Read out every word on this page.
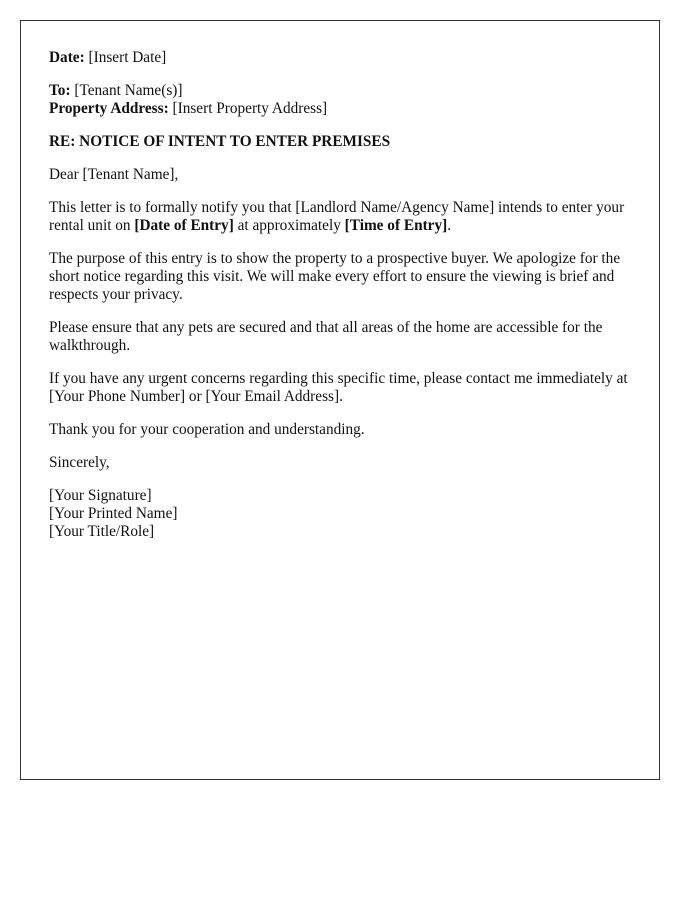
Date: [Insert Date]

To: [Tenant Name(s)]
Property Address: [Insert Property Address]

RE: NOTICE OF INTENT TO ENTER PREMISES

Dear [Tenant Name],

This letter is to formally notify you that [Landlord Name/Agency Name] intends to enter your rental unit on [Date of Entry] at approximately [Time of Entry].

The purpose of this entry is to show the property to a prospective buyer. We apologize for the short notice regarding this visit. We will make every effort to ensure the viewing is brief and respects your privacy.

Please ensure that any pets are secured and that all areas of the home are accessible for the walkthrough.

If you have any urgent concerns regarding this specific time, please contact me immediately at [Your Phone Number] or [Your Email Address].

Thank you for your cooperation and understanding.

Sincerely,

[Your Signature]
[Your Printed Name]
[Your Title/Role]
